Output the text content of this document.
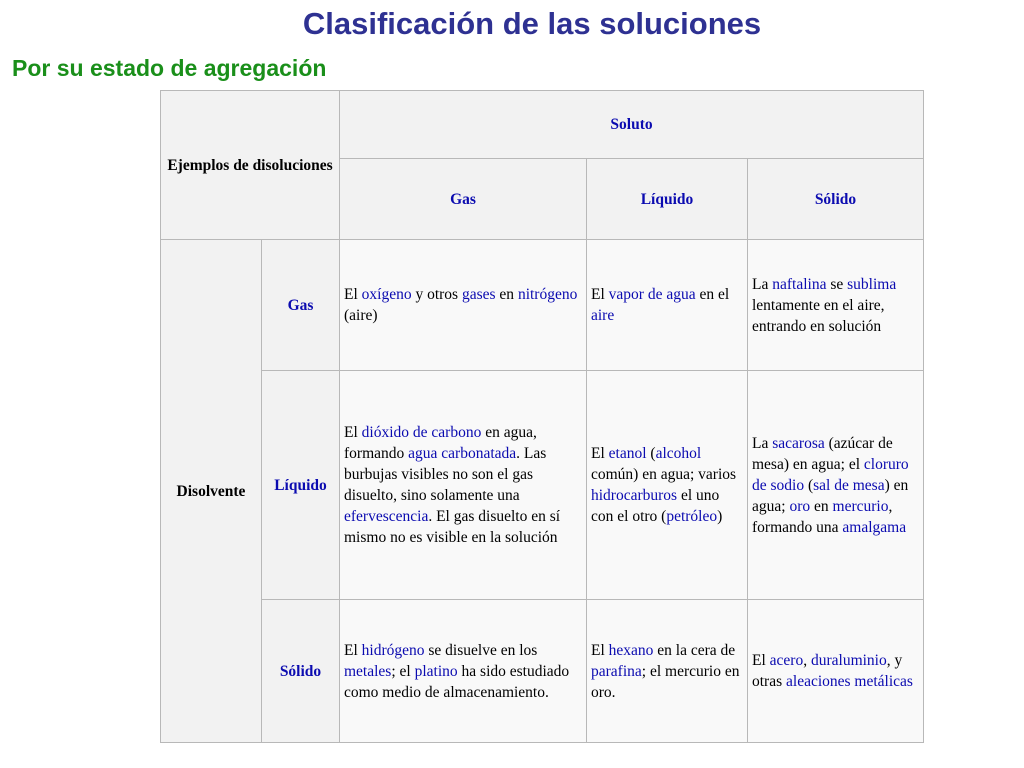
Clasificación de las soluciones
Por su estado de agregación
Ejemplos de disoluciones		Soluto		
		Gas	Líquido	Sólido
Disolvente	Gas	El oxígeno y otros gases en nitrógeno (aire)	El vapor de agua en el aire	La naftalina se sublima lentamente en el aire, entrando en solución
	Líquido	El dióxido de carbono en agua, formando agua carbonatada. Las burbujas visibles no son el gas disuelto, sino solamente una efervescencia. El gas disuelto en sí mismo no es visible en la solución	El etanol (alcohol común) en agua; varios hidrocarburos el uno con el otro (petróleo)	La sacarosa (azúcar de mesa) en agua; el cloruro de sodio (sal de mesa) en agua; oro en mercurio, formando una amalgama
	Sólido	El hidrógeno se disuelve en los metales; el platino ha sido estudiado como medio de almacenamiento.	El hexano en la cera de parafina; el mercurio en oro.	El acero, duraluminio, y otras aleaciones metálicas
